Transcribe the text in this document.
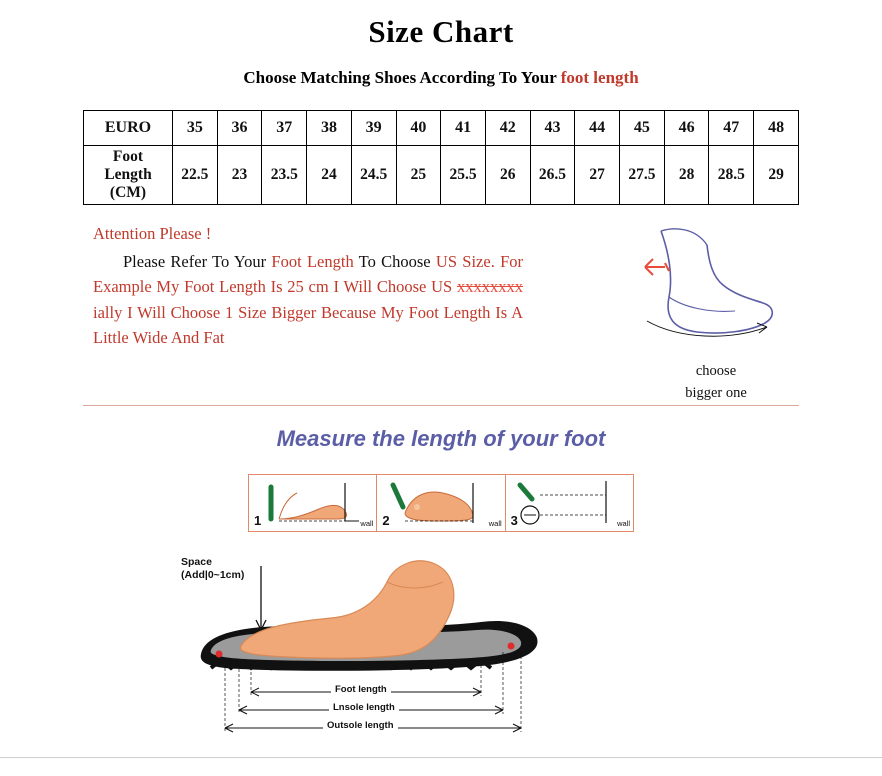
Size Chart
Choose Matching Shoes According To Your foot length
EURO	35	36	37	38	39	40	41	42	43	44	45	46	47	48

Foot
Length
(CM)	22.5	23	23.5	24	24.5	25	25.5	26	26.5	27	27.5	28	28.5	29
Attention Please !

Please Refer To Your Foot Length To Choose US Size. For Example My Foot Length Is 25 cm I Will Choose US xxxxxxxx ially I Will Choose 1 Size Bigger Because My Foot Length Is A Little Wide And Fat

choose
bigger one
Measure the length of your foot
1	wall 2	wall 3	wall
Space
(Add|0~1cm)
Foot length
Lnsole length
Outsole length
